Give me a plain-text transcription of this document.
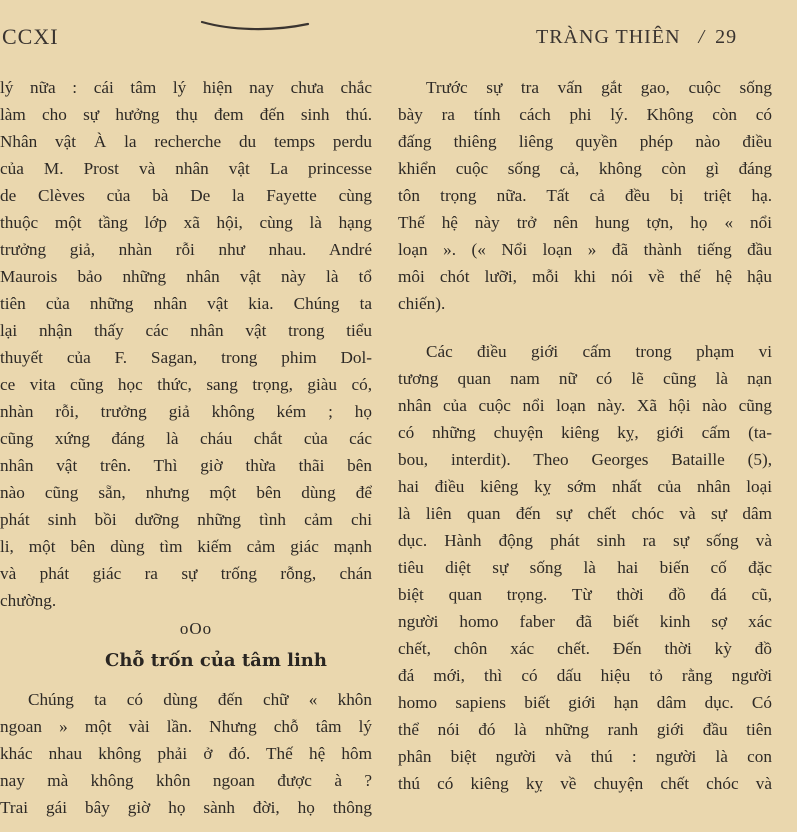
CCXI	TRÀNG THIÊN / 29
lý nữa : cái tâm lý hiện nay chưa chắc
làm cho sự hưởng thụ đem đến sinh thú.
Nhân vật À la recherche du temps perdu
của M. Prost và nhân vật La princesse
de Clèves của bà De la Fayette cùng
thuộc một tầng lớp xã hội, cùng là hạng
trưởng giả, nhàn rỗi như nhau. André
Maurois bảo những nhân vật này là tổ
tiên của những nhân vật kia. Chúng ta
lại nhận thấy các nhân vật trong tiểu
thuyết của F. Sagan, trong phim Dol-
ce vita cũng học thức, sang trọng, giàu có,
nhàn rỗi, trưởng giả không kém ; họ
cũng xứng đáng là cháu chắt của các
nhân vật trên. Thì giờ thừa thãi bên
nào cũng sẵn, nhưng một bên dùng để
phát sinh bồi dưỡng những tình cảm chi
li, một bên dùng tìm kiếm cảm giác mạnh
và phát giác ra sự trống rỗng, chán
chường.
oOo
Chỗ trốn của tâm linh
Chúng ta có dùng đến chữ « khôn
ngoan » một vài lần. Nhưng chỗ tâm lý
khác nhau không phải ở đó. Thế hệ hôm
nay mà không khôn ngoan được à ?
Trai gái bây giờ họ sành đời, họ thông
Trước sự tra vấn gắt gao, cuộc sống
bày ra tính cách phi lý. Không còn có
đấng thiêng liêng quyền phép nào điều
khiển cuộc sống cả, không còn gì đáng
tôn trọng nữa. Tất cả đều bị triệt hạ.
Thế hệ này trở nên hung tợn, họ « nổi
loạn ». (« Nổi loạn » đã thành tiếng đầu
môi chót lưỡi, mỗi khi nói về thế hệ hậu
chiến).
Các điều giới cấm trong phạm vi
tương quan nam nữ có lẽ cũng là nạn
nhân của cuộc nổi loạn này. Xã hội nào cũng
có những chuyện kiêng kỵ, giới cấm (ta-
bou, interdit). Theo Georges Bataille (5),
hai điều kiêng kỵ sớm nhất của nhân loại
là liên quan đến sự chết chóc và sự dâm
dục. Hành động phát sinh ra sự sống và
tiêu diệt sự sống là hai biến cố đặc
biệt quan trọng. Từ thời đồ đá cũ,
người homo faber đã biết kinh sợ xác
chết, chôn xác chết. Đến thời kỳ đồ
đá mới, thì có dấu hiệu tỏ rằng người
homo sapiens biết giới hạn dâm dục. Có
thể nói đó là những ranh giới đầu tiên
phân biệt người và thú : người là con
thú có kiêng kỵ về chuyện chết chóc và
